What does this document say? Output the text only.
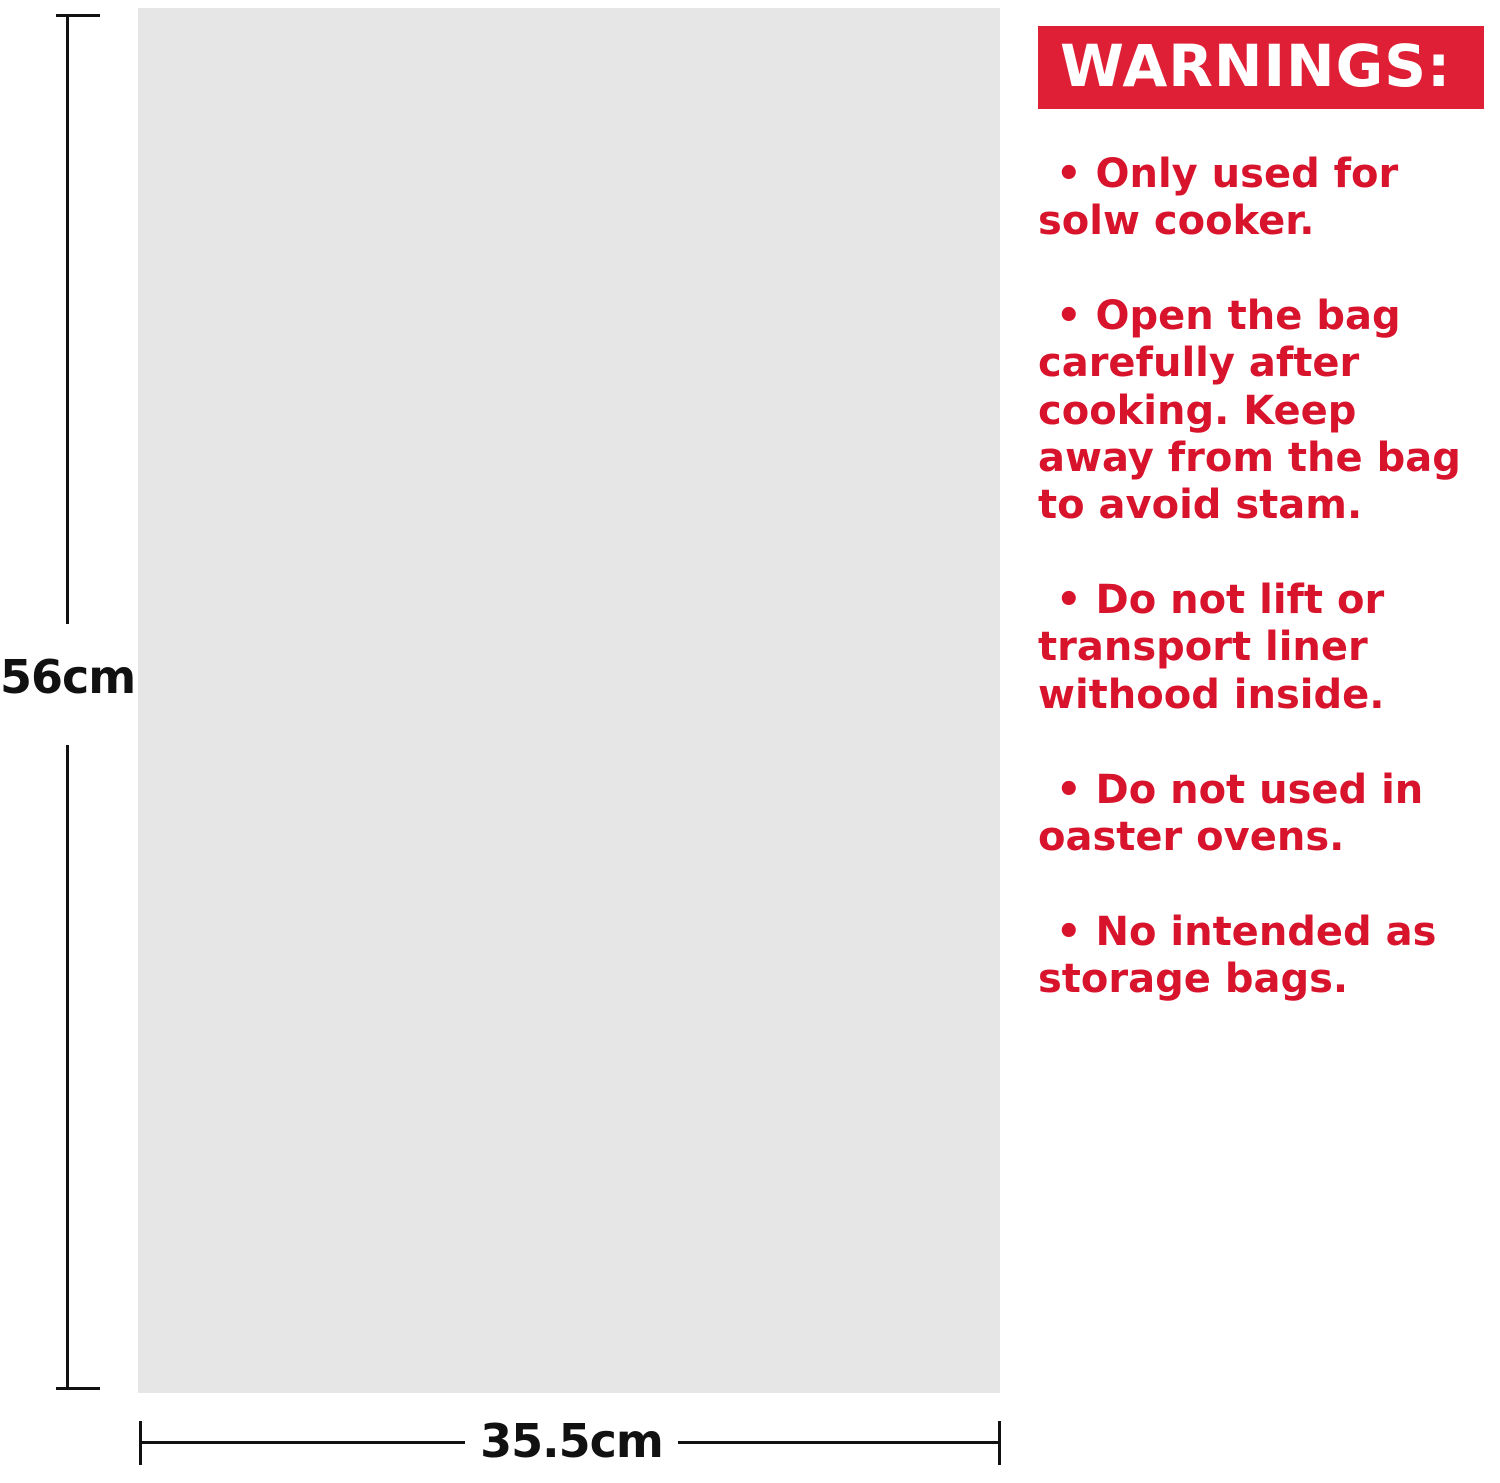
56cm
35.5cm
WARNINGS:
• Only used for solw cooker.
• Open the bag carefully after cooking. Keep away from the bag to avoid stam.
• Do not lift or transport liner withood inside.
• Do not used in oaster ovens.
• No intended as storage bags.
